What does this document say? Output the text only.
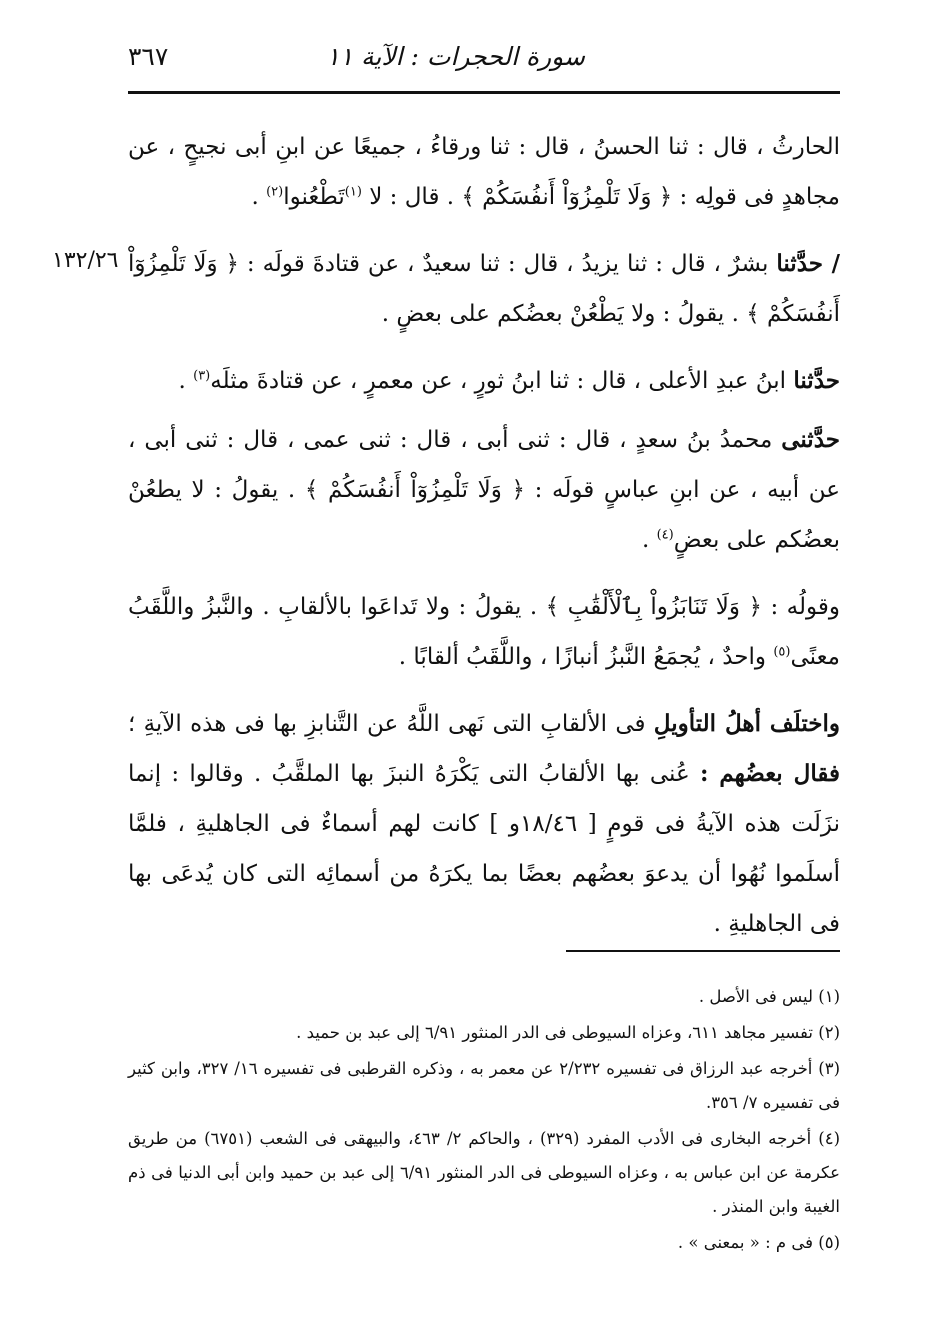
٣٦٧	سورة الحجرات : الآية ١١
١٣٢/٢٦

الحارثُ ، قال : ثنا الحسنُ ، قال : ثنا ورقاءُ ، جميعًا عن ابنِ أبى نجيحٍ ، عن مجاهدٍ فى قولِه : ﴿ وَلَا تَلْمِزُوٓاْ أَنفُسَكُمْ ﴾ . قال : لا $^{(١)}$تَطْعُنوا$^{(٢)}$ .

/ حدَّثنا بشرٌ ، قال : ثنا يزيدُ ، قال : ثنا سعيدٌ ، عن قتادةَ قولَه : ﴿ وَلَا تَلْمِزُوٓاْ أَنفُسَكُمْ ﴾ . يقولُ : ولا يَطْعُنْ بعضُكم على بعضٍ .

حدَّثنا ابنُ عبدِ الأعلى ، قال : ثنا ابنُ ثورٍ ، عن معمرٍ ، عن قتادةَ مثلَه$^{(٣)}$ .

حدَّثنى محمدُ بنُ سعدٍ ، قال : ثنى أبى ، قال : ثنى عمى ، قال : ثنى أبى ، عن أبيه ، عن ابنِ عباسٍ قولَه : ﴿ وَلَا تَلْمِزُوٓاْ أَنفُسَكُمْ ﴾ . يقولُ : لا يطعُنْ بعضُكم على بعضٍ$^{(٤)}$ .

وقولُه : ﴿ وَلَا تَنَابَزُواْ بِٱلْأَلْقَٰبِ ﴾ . يقولُ : ولا تَداعَوا بالألقابِ . والنَّبزُ واللَّقَبُ معنًى$^{(٥)}$ واحدٌ ، يُجمَعُ النَّبزُ أنبازًا ، واللَّقَبُ ألقابًا .

واختلَف أهلُ التأويلِ فى الألقابِ التى نَهى اللَّهُ عن التَّنابزِ بها فى هذه الآيةِ ؛ فقال بعضُهم : عُنى بها الألقابُ التى يَكْرَهُ النبزَ بها الملقَّبُ . وقالوا : إنما نزَلَت هذه الآيةُ فى قومٍ [ ١٨/٤٦و ] كانت لهم أسماءٌ فى الجاهليةِ ، فلمَّا أسلَموا نُهُوا أن يدعوَ بعضُهم بعضًا بما يكرَهُ من أسمائِه التى كان يُدعَى بها فى الجاهليةِ .

(١) ليس فى الأصل .

(٢) تفسير مجاهد ٦١١، وعزاه السيوطى فى الدر المنثور ٦/٩١ إلى عبد بن حميد .

(٣) أخرجه عبد الرزاق فى تفسيره ٢/٢٣٢ عن معمر به ، وذكره القرطبى فى تفسيره ١٦/ ٣٢٧، وابن كثير فى تفسيره ٧/ ٣٥٦.

(٤) أخرجه البخارى فى الأدب المفرد (٣٢٩) ، والحاكم ٢/ ٤٦٣، والبيهقى فى الشعب (٦٧٥١) من طريق عكرمة عن ابن عباس به ، وعزاه السيوطى فى الدر المنثور ٦/٩١ إلى عبد بن حميد وابن أبى الدنيا فى ذم الغيبة وابن المنذر .

(٥) فى م : « بمعنى » .
